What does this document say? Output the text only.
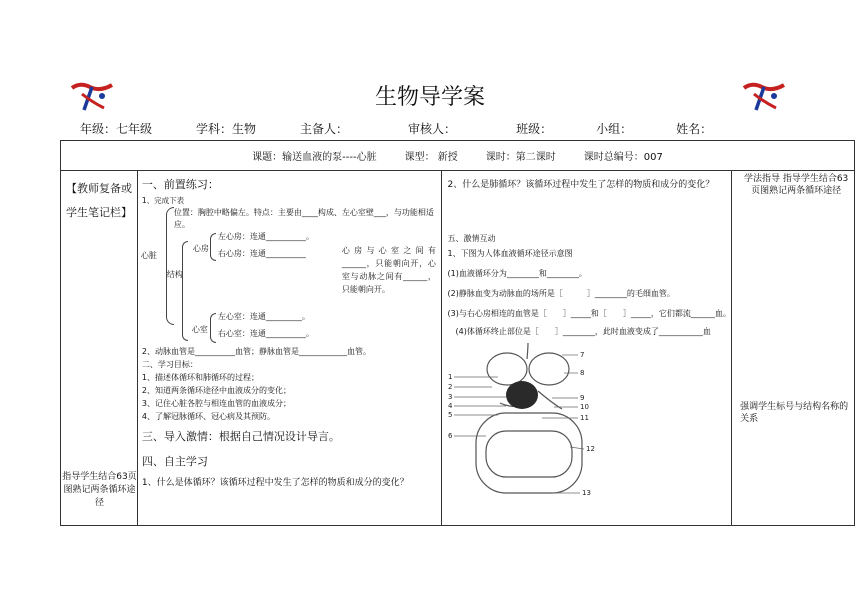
生物导学案
年级：七年级	学科：生物	主备人：	审核人：	班级：	小组：	姓名：
课题：输送血液的泵----心脏	课型： 新授	课时：第二课时	课时总编号：007

【教师复备或学生笔记栏】
指导学生结合63页图熟记两条循环途径

一、前置练习：
1、完成下表
位置：胸腔中略偏左。特点：主要由____构成、左心室壁___，与功能相适应。
心脏
结构
心房
左心房：连通__________。
右心房：连通__________	心房与心室之间有______，只能朝向开，心室与动脉之间有______，只能朝向开。
心室
左心室：连通_________。
右心室：连通__________。
2、动脉血管是__________血管；静脉血管是____________血管。
二、学习目标：
1、描述体循环和肺循环的过程；
2、知道两条循环途径中血液成分的变化；
3、记住心脏各腔与相连血管的血液成分；
4、了解冠脉循环、冠心病及其预防。
三、导入激情：根据自己情况设计导言。
四、自主学习
1、什么是体循环？该循环过程中发生了怎样的物质和成分的变化？

2、什么是肺循环？该循环过程中发生了怎样的物质和成分的变化？
五、激情互动
1、下图为人体血液循环途径示意图
(1)血液循环分为________和________。
(2)静脉血变为动脉血的场所是［　　　］________的毛细血管。
(3)与右心房相连的血管是［　　］_____和［　　］_____，它们都流______血。
(4)体循环终止部位是［　　］________，此时血液变成了___________血
1
2
3
4
5
6
7
8
9
10
11
12
13

学法指导 指导学生结合63页图熟记两条循环途径
强调学生标号与结构名称的关系
